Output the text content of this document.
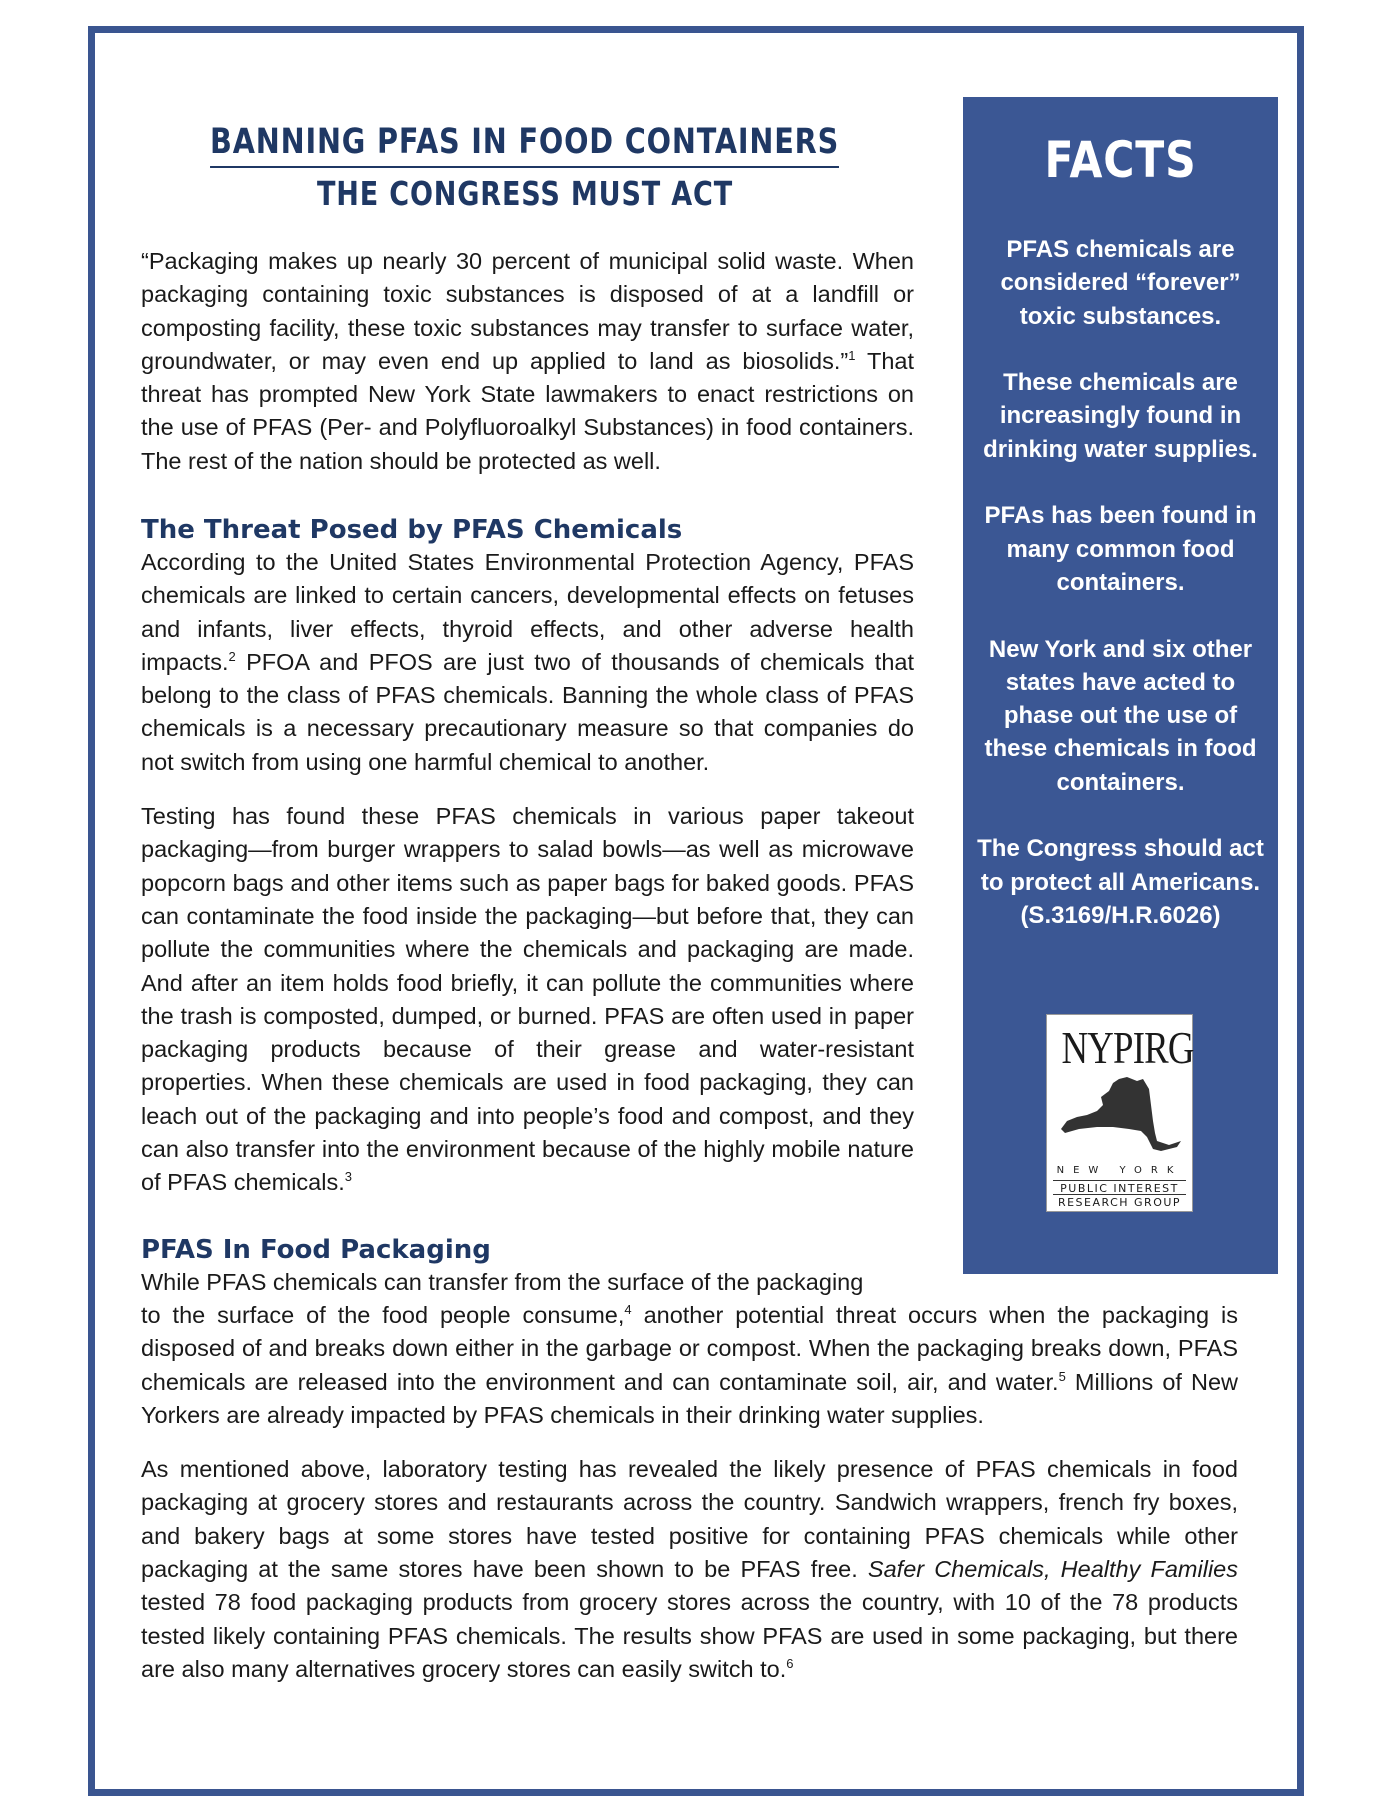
BANNING PFAS IN FOOD CONTAINERS
THE CONGRESS MUST ACT

“Packaging makes up nearly 30 percent of municipal solid waste. When packaging containing toxic substances is disposed of at a landfill or composting facility, these toxic substances may transfer to surface water, groundwater, or may even end up applied to land as biosolids.”$^1$ That threat has prompted New York State lawmakers to enact restrictions on the use of PFAS (Per- and Polyfluoroalkyl Substances) in food containers. The rest of the nation should be protected as well.

The Threat Posed by PFAS Chemicals

According to the United States Environmental Protection Agency, PFAS chemicals are linked to certain cancers, developmental effects on fetuses and infants, liver effects, thyroid effects, and other adverse health impacts.$^2$ PFOA and PFOS are just two of thousands of chemicals that belong to the class of PFAS chemicals. Banning the whole class of PFAS chemicals is a necessary precautionary measure so that companies do not switch from using one harmful chemical to another.

Testing has found these PFAS chemicals in various paper takeout packaging—from burger wrappers to salad bowls—as well as microwave popcorn bags and other items such as paper bags for baked goods. PFAS can contaminate the food inside the packaging—but before that, they can pollute the communities where the chemicals and packaging are made. And after an item holds food briefly, it can pollute the communities where the trash is composted, dumped, or burned. PFAS are often used in paper packaging products because of their grease and water-resistant properties. When these chemicals are used in food packaging, they can leach out of the packaging and into people’s food and compost, and they can also transfer into the environment because of the highly mobile nature of PFAS chemicals.$^3$

PFAS In Food Packaging

While PFAS chemicals can transfer from the surface of the packaging

to the surface of the food people consume,$^4$ another potential threat occurs when the packaging is disposed of and breaks down either in the garbage or compost. When the packaging breaks down, PFAS chemicals are released into the environment and can contaminate soil, air, and water.$^5$ Millions of New Yorkers are already impacted by PFAS chemicals in their drinking water supplies.

As mentioned above, laboratory testing has revealed the likely presence of PFAS chemicals in food packaging at grocery stores and restaurants across the country. Sandwich wrappers, french fry boxes, and bakery bags at some stores have tested positive for containing PFAS chemicals while other packaging at the same stores have been shown to be PFAS free. Safer Chemicals, Healthy Families tested 78 food packaging products from grocery stores across the country, with 10 of the 78 products tested likely containing PFAS chemicals. The results show PFAS are used in some packaging, but there are also many alternatives grocery stores can easily switch to.$^6$

FACTS
PFAS chemicals are considered “forever” toxic substances.
These chemicals are increasingly found in drinking water supplies.
PFAs has been found in many common food containers.
New York and six other states have acted to phase out the use of these chemicals in food containers.
The Congress should act to protect all Americans. (S.3169/H.R.6026)
NYPIRG
NEW YORK
PUBLIC INTEREST
RESEARCH GROUP
